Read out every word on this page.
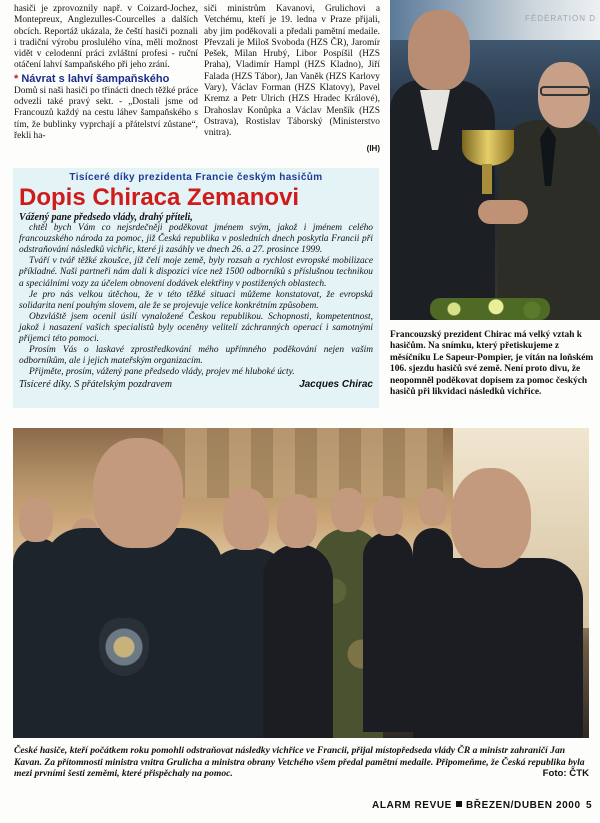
hasiči je zprovoznily např. v Coizard-Jochez, Montepreux, Anglezulles-Courcelles a dalších obcích. Reportáž ukázala, že čeští hasiči poznali i tradiční výrobu proslulého vína, měli možnost vidět v celodenní práci zvláštní profesi - ruční otáčení lahví šampaňského při jeho zrání.

* Návrat s lahví šampaňského

Domů si naši hasiči po třinácti dnech těžké práce odvezli také pravý sekt. - „Dostali jsme od Francouzů každý na cestu láhev šampaňského s tím, že bublinky vyprchají a přátelství zůstane“, řekli ha-

siči ministrům Kavanovi, Grulichovi a Vetchému, kteří je 19. ledna v Praze přijali, aby jim poděkovali a předali pamětní medaile. Převzali je Miloš Svoboda (HZS ČR), Jaromír Pešek, Milan Hrubý, Libor Pospíšil (HZS Praha), Vladimír Hampl (HZS Kladno), Jiří Falada (HZS Tábor), Jan Vaněk (HZS Karlovy Vary), Václav Forman (HZS Klatovy), Pavel Kremz a Petr Ulrich (HZS Hradec Králové), Drahoslav Konůpka a Václav Menšík (HZS Ostrava), Rostislav Táborský (Ministerstvo vnitra).

(IH)
FÉDÉRATION D
Tisíceré díky prezidenta Francie českým hasičům
Dopis Chiraca Zemanovi

Vážený pane předsedo vlády, drahý příteli,

chtěl bych Vám co nejsrdečněji poděkovat jménem svým, jakož i jménem celého francouzského národa za pomoc, již Česká republika v posledních dnech poskytla Francii při odstraňování následků vichřic, které ji zasáhly ve dnech 26. a 27. prosince 1999.

Tváří v tvář těžké zkoušce, jíž čelí moje země, byly rozsah a rychlost evropské mobilizace příkladné. Naši partneři nám dali k dispozici více než 1500 odborníků s příslušnou technikou a speciálními vozy za účelem obnovení dodávek elektřiny v postižených oblastech.

Je pro nás velkou útěchou, že v této těžké situaci můžeme konstatovat, že evropská solidarita není pouhým slovem, ale že se projevuje velice konkrétním způsobem.

Obzvláště jsem ocenil úsilí vynaložené Českou republikou. Schopnosti, kompetentnost, jakož i nasazení vašich specialistů byly oceněny velitelí záchranných operací i samotnými příjemci této pomoci.

Prosím Vás o laskavé zprostředkování mého upřímného poděkování nejen vašim odborníkům, ale i jejich mateřským organizacím.

Přijměte, prosím, vážený pane předsedo vlády, projev mé hluboké úcty.

Tisíceré díky. S přátelským pozdravem	Jacques Chirac
Francouzský prezident Chirac má velký vztah k hasičům. Na snímku, který přetiskujeme z měsíčníku Le Sapeur-Pompier, je vítán na loňském 106. sjezdu hasičů své země. Není proto divu, že neopomněl poděkovat dopisem za pomoc českých hasičů při likvidaci následků vichřice.
České hasiče, kteří počátkem roku pomohli odstraňovat následky vichřice ve Francii, přijal místopředseda vlády ČR a ministr zahraničí Jan Kavan. Za přítomnosti ministra vnitra Grulicha a ministra obrany Vetchého všem předal pamětní medaile. Připomeňme, že Česká republika byla mezi prvními šesti zeměmi, které přispěchaly na pomoc.	Foto: ČTK
ALARM REVUE BŘEZEN/DUBEN 2000 5
